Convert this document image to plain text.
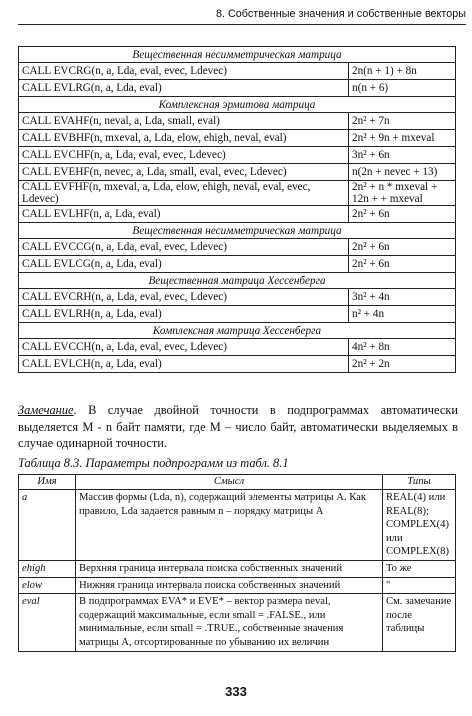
8. Собственные значения и собственные векторы
Вещественная несимметрическая матрица	
CALL EVCRG(n, a, Lda, eval, evec, Ldevec)	2n(n + 1) + 8n
CALL EVLRG(n, a, Lda, eval)	n(n + 6)
Комплексная эрмитова матрица	
CALL EVAHF(n, neval, a, Lda, small, eval)	2n² + 7n
CALL EVBHF(n, mxeval, a, Lda, elow, ehigh, neval, eval)	2n² + 9n + mxeval
CALL EVCHF(n, a, Lda, eval, evec, Ldevec)	3n² + 6n
CALL EVEHF(n, nevec, a, Lda, small, eval, evec, Ldevec)	n(2n + nevec + 13)
CALL EVFHF(n, mxeval, a, Lda, elow, ehigh, neval, eval, evec, Ldevec)	2n² + n * mxeval + 12n + + mxeval
CALL EVLHF(n, a, Lda, eval)	2n² + 6n
Вещественная несимметрическая матрица	
CALL EVCCG(n, a, Lda, eval, evec, Ldevec)	2n² + 6n
CALL EVLCG(n, a, Lda, eval)	2n² + 6n
Вещественная матрица Хессенберга	
CALL EVCRH(n, a, Lda, eval, evec, Ldevec)	3n² + 4n
CALL EVLRH(n, a, Lda, eval)	n² + 4n
Комплексная матрица Хессенберга	
CALL EVCCH(n, a, Lda, eval, evec, Ldevec)	4n² + 8n
CALL EVLCH(n, a, Lda, eval)	2n² + 2n
Замечание. В случае двойной точности в подпрограммах автоматически выделяется M - n байт памяти, где M – число байт, автоматически выделяемых в случае одинарной точности.
Таблица 8.3. Параметры подпрограмм из табл. 8.1
Имя	Смысл	Типы
a	Массив формы (Lda, n), содержащий элементы матрицы A. Как правило, Lda задается равным n – порядку матрицы A	REAL(4) или REAL(8); COMPLEX(4) или COMPLEX(8)
ehigh	Верхняя граница интервала поиска собственных значений	То же
elow	Нижняя граница интервала поиска собственных значений	"
eval	В подпрограммах EVA* и EVE* – вектор размера neval, содержащий максимальные, если small = .FALSE., или минимальные, если small = .TRUE., собственные значения матрицы A, отсортированные по убыванию их величин	См. замечание после таблицы
333
